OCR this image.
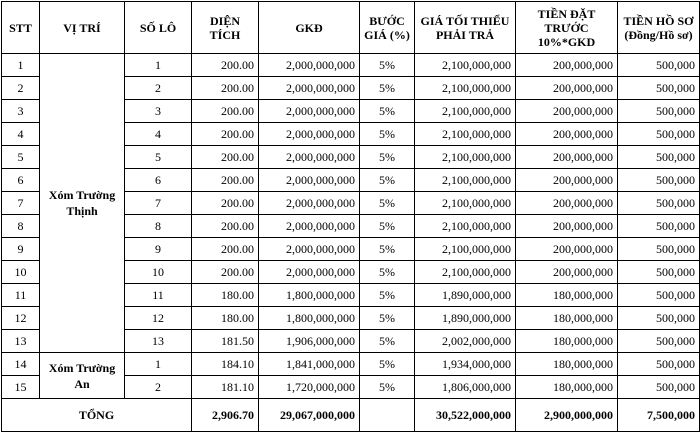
STT	VỊ TRÍ	SỐ LÔ	DIỆN TÍCH	GKĐ	BƯỚC GIÁ (%)	GIÁ TỐI THIỂU PHẢI TRẢ	TIỀN ĐẶT TRƯỚC 10%*GKD	TIỀN HỒ SƠ (Đồng/Hồ sơ)
1	Xóm Trường Thịnh	1	200.00	2,000,000,000	5%	2,100,000,000	200,000,000	500,000
2		2	200.00	2,000,000,000	5%	2,100,000,000	200,000,000	500,000
3		3	200.00	2,000,000,000	5%	2,100,000,000	200,000,000	500,000
4		4	200.00	2,000,000,000	5%	2,100,000,000	200,000,000	500,000
5		5	200.00	2,000,000,000	5%	2,100,000,000	200,000,000	500,000
6		6	200.00	2,000,000,000	5%	2,100,000,000	200,000,000	500,000
7		7	200.00	2,000,000,000	5%	2,100,000,000	200,000,000	500,000
8		8	200.00	2,000,000,000	5%	2,100,000,000	200,000,000	500,000
9		9	200.00	2,000,000,000	5%	2,100,000,000	200,000,000	500,000
10		10	200.00	2,000,000,000	5%	2,100,000,000	200,000,000	500,000
11		11	180.00	1,800,000,000	5%	1,890,000,000	180,000,000	500,000
12		12	180.00	1,800,000,000	5%	1,890,000,000	180,000,000	500,000
13		13	181.50	1,906,000,000	5%	2,002,000,000	180,000,000	500,000
14	Xóm Trường An	1	184.10	1,841,000,000	5%	1,934,000,000	180,000,000	500,000
15		2	181.10	1,720,000,000	5%	1,806,000,000	180,000,000	500,000
TỔNG			2,906.70	29,067,000,000		30,522,000,000	2,900,000,000	7,500,000
